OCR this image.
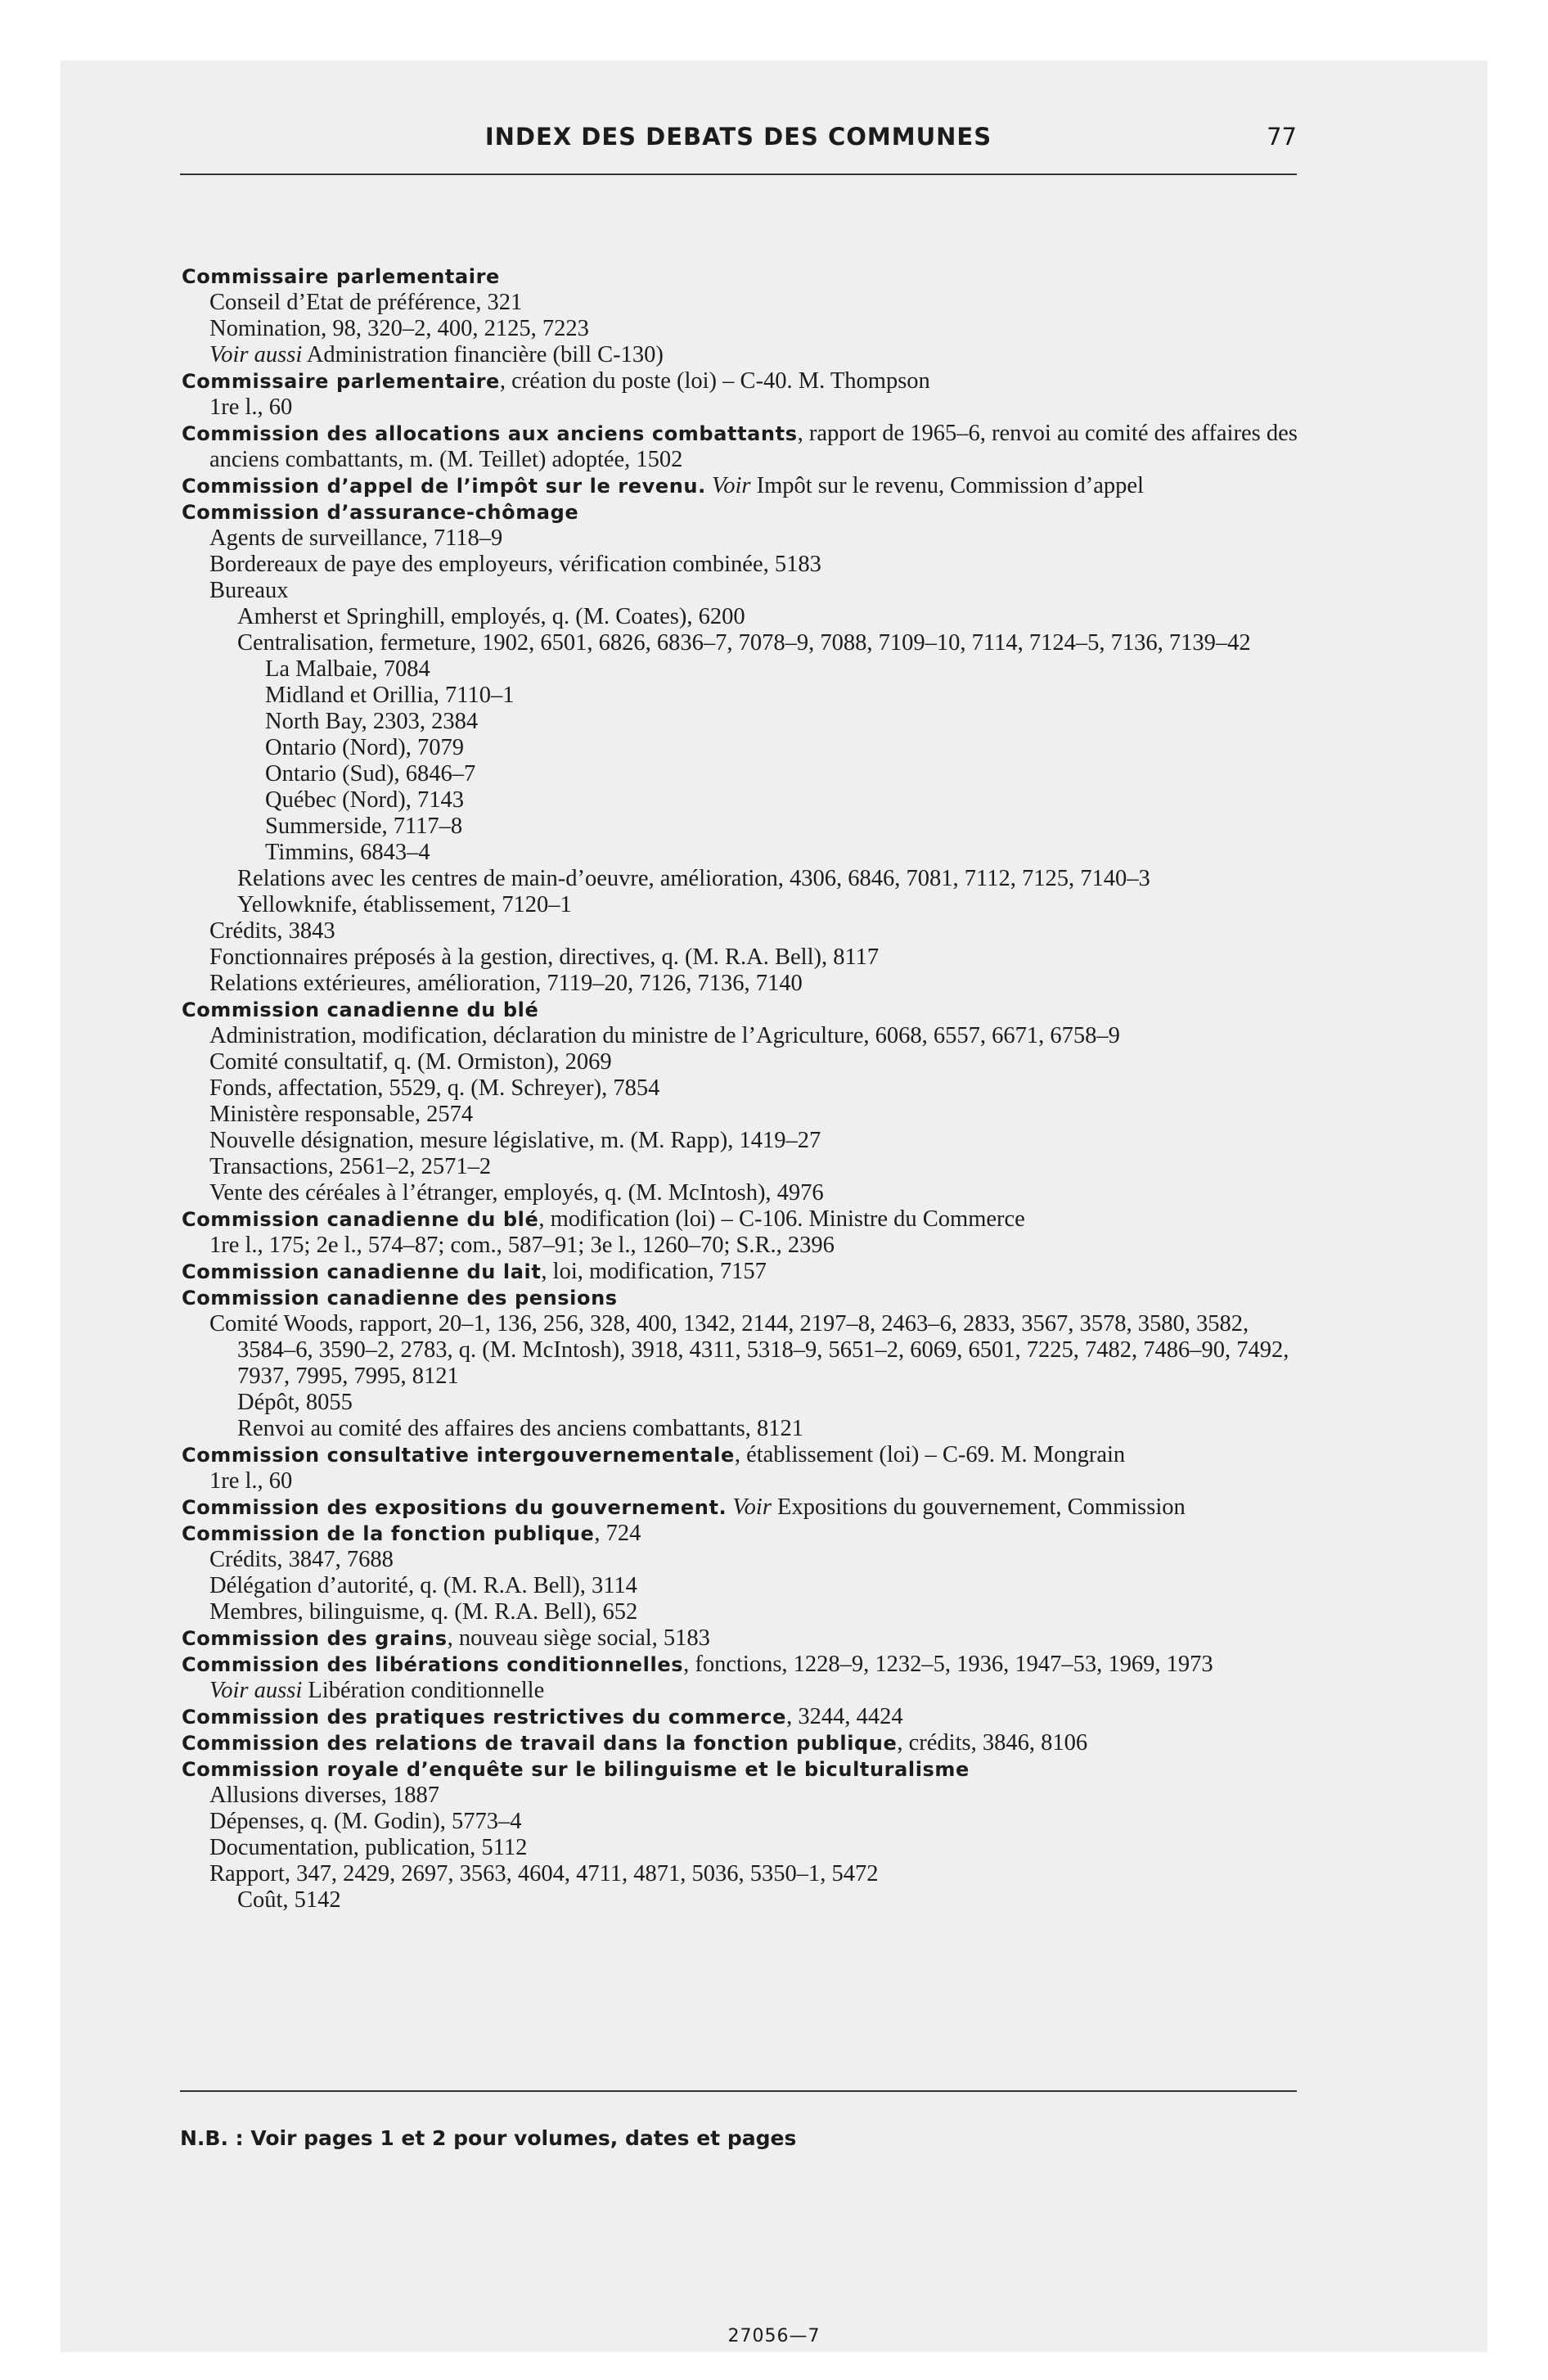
INDEX DES DEBATS DES COMMUNES	77
Commissaire parlementaire
Conseil d’Etat de préférence, 321
Nomination, 98, 320–2, 400, 2125, 7223
Voir aussi Administration financière (bill C-130)
Commissaire parlementaire, création du poste (loi) – C-40. M. Thompson
1re l., 60
Commission des allocations aux anciens combattants, rapport de 1965–6, renvoi au comité des affaires des anciens combattants, m. (M. Teillet) adoptée, 1502
Commission d’appel de l’impôt sur le revenu. Voir Impôt sur le revenu, Commission d’appel
Commission d’assurance-chômage
Agents de surveillance, 7118–9
Bordereaux de paye des employeurs, vérification combinée, 5183
Bureaux
Amherst et Springhill, employés, q. (M. Coates), 6200
Centralisation, fermeture, 1902, 6501, 6826, 6836–7, 7078–9, 7088, 7109–10, 7114, 7124–5, 7136, 7139–42
La Malbaie, 7084
Midland et Orillia, 7110–1
North Bay, 2303, 2384
Ontario (Nord), 7079
Ontario (Sud), 6846–7
Québec (Nord), 7143
Summerside, 7117–8
Timmins, 6843–4
Relations avec les centres de main-d’oeuvre, amélioration, 4306, 6846, 7081, 7112, 7125, 7140–3
Yellowknife, établissement, 7120–1
Crédits, 3843
Fonctionnaires préposés à la gestion, directives, q. (M. R.A. Bell), 8117
Relations extérieures, amélioration, 7119–20, 7126, 7136, 7140
Commission canadienne du blé
Administration, modification, déclaration du ministre de l’Agriculture, 6068, 6557, 6671, 6758–9
Comité consultatif, q. (M. Ormiston), 2069
Fonds, affectation, 5529, q. (M. Schreyer), 7854
Ministère responsable, 2574
Nouvelle désignation, mesure législative, m. (M. Rapp), 1419–27
Transactions, 2561–2, 2571–2
Vente des céréales à l’étranger, employés, q. (M. McIntosh), 4976
Commission canadienne du blé, modification (loi) – C-106. Ministre du Commerce
1re l., 175; 2e l., 574–87; com., 587–91; 3e l., 1260–70; S.R., 2396
Commission canadienne du lait, loi, modification, 7157
Commission canadienne des pensions
Comité Woods, rapport, 20–1, 136, 256, 328, 400, 1342, 2144, 2197–8, 2463–6, 2833, 3567, 3578, 3580, 3582, 3584–6, 3590–2, 2783, q. (M. McIntosh), 3918, 4311, 5318–9, 5651–2, 6069, 6501, 7225, 7482, 7486–90, 7492, 7937, 7995, 7995, 8121
Dépôt, 8055
Renvoi au comité des affaires des anciens combattants, 8121
Commission consultative intergouvernementale, établissement (loi) – C-69. M. Mongrain
1re l., 60
Commission des expositions du gouvernement. Voir Expositions du gouvernement, Commission
Commission de la fonction publique, 724
Crédits, 3847, 7688
Délégation d’autorité, q. (M. R.A. Bell), 3114
Membres, bilinguisme, q. (M. R.A. Bell), 652
Commission des grains, nouveau siège social, 5183
Commission des libérations conditionnelles, fonctions, 1228–9, 1232–5, 1936, 1947–53, 1969, 1973
Voir aussi Libération conditionnelle
Commission des pratiques restrictives du commerce, 3244, 4424
Commission des relations de travail dans la fonction publique, crédits, 3846, 8106
Commission royale d’enquête sur le bilinguisme et le biculturalisme
Allusions diverses, 1887
Dépenses, q. (M. Godin), 5773–4
Documentation, publication, 5112
Rapport, 347, 2429, 2697, 3563, 4604, 4711, 4871, 5036, 5350–1, 5472
Coût, 5142
N.B. : Voir pages 1 et 2 pour volumes, dates et pages
27056—7
